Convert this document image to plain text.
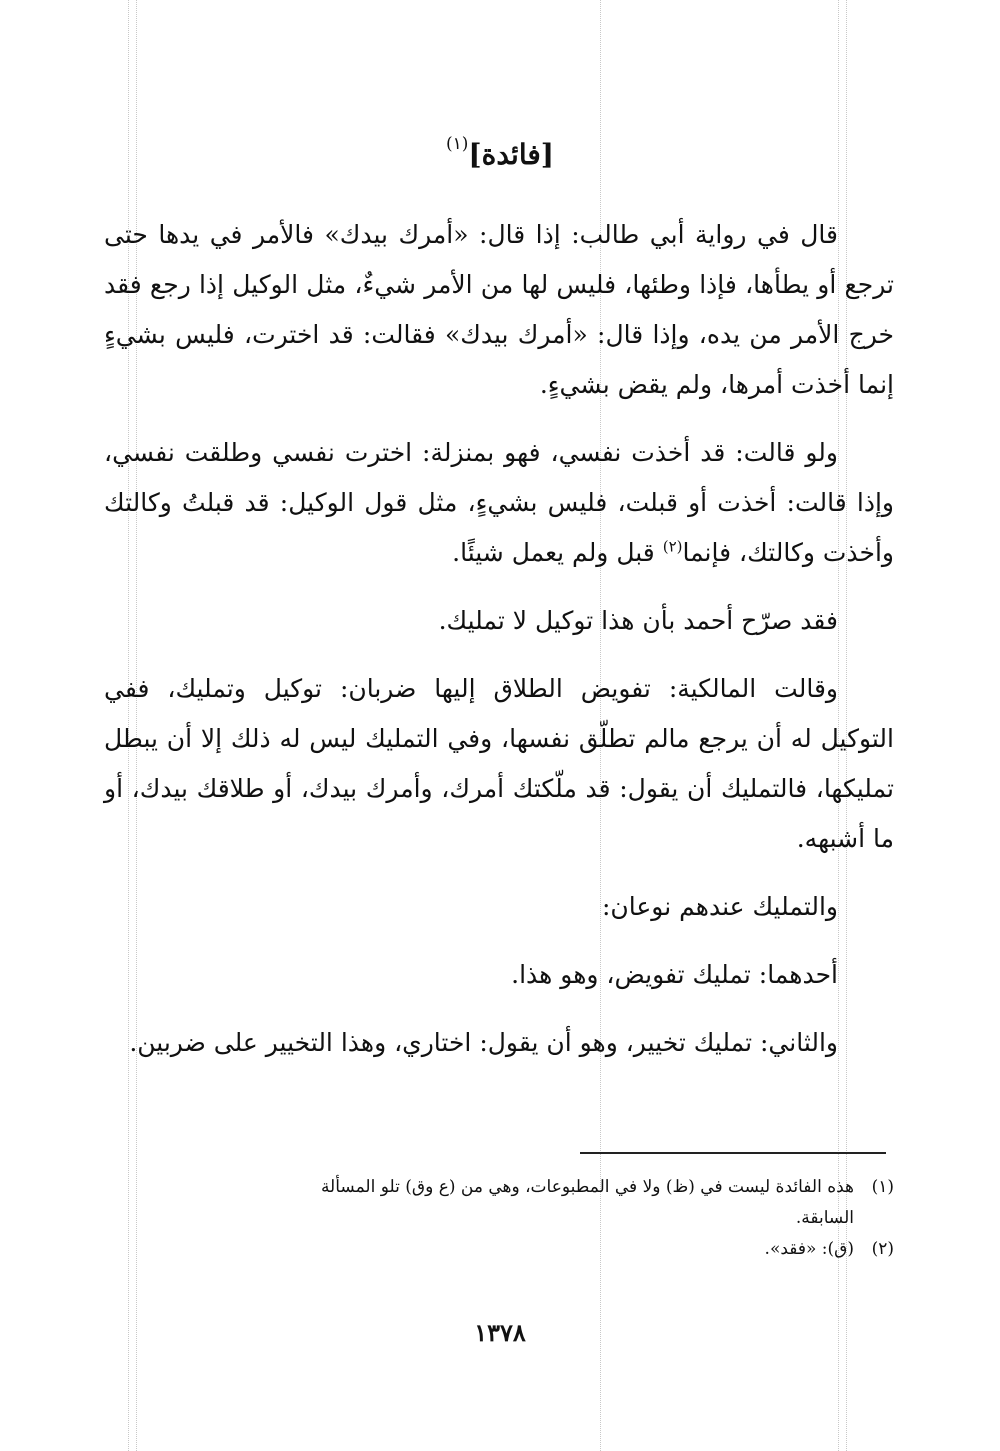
[فائدة]$^{(١)}$

قال في رواية أبي طالب: إذا قال: «أمرك بيدك» فالأمر في يدها حتى ترجع أو يطأها، فإذا وطئها، فليس لها من الأمر شيءٌ، مثل الوكيل إذا رجع فقد خرج الأمر من يده، وإذا قال: «أمرك بيدك» فقالت: قد اخترت، فليس بشيءٍ إنما أخذت أمرها، ولم يقض بشيءٍ.

ولو قالت: قد أخذت نفسي، فهو بمنزلة: اخترت نفسي وطلقت نفسي، وإذا قالت: أخذت أو قبلت، فليس بشيءٍ، مثل قول الوكيل: قد قبلتُ وكالتك وأخذت وكالتك، فإنما$^{(٢)}$ قبل ولم يعمل شيئًا.

فقد صرّح أحمد بأن هذا توكيل لا تمليك.

وقالت المالكية: تفويض الطلاق إليها ضربان: توكيل وتمليك، ففي التوكيل له أن يرجع مالم تطلّق نفسها، وفي التمليك ليس له ذلك إلا أن يبطل تمليكها، فالتمليك أن يقول: قد ملّكتك أمرك، وأمرك بيدك، أو طلاقك بيدك، أو ما أشبهه.

والتمليك عندهم نوعان:

أحدهما: تمليك تفويض، وهو هذا.

والثاني: تمليك تخيير، وهو أن يقول: اختاري، وهذا التخيير على ضربين.

(١)هذه الفائدة ليست في (ظ) ولا في المطبوعات، وهي من (ع وق) تلو المسألة

السابقة.

(٢)(ق): «فقد».

١٣٧٨
